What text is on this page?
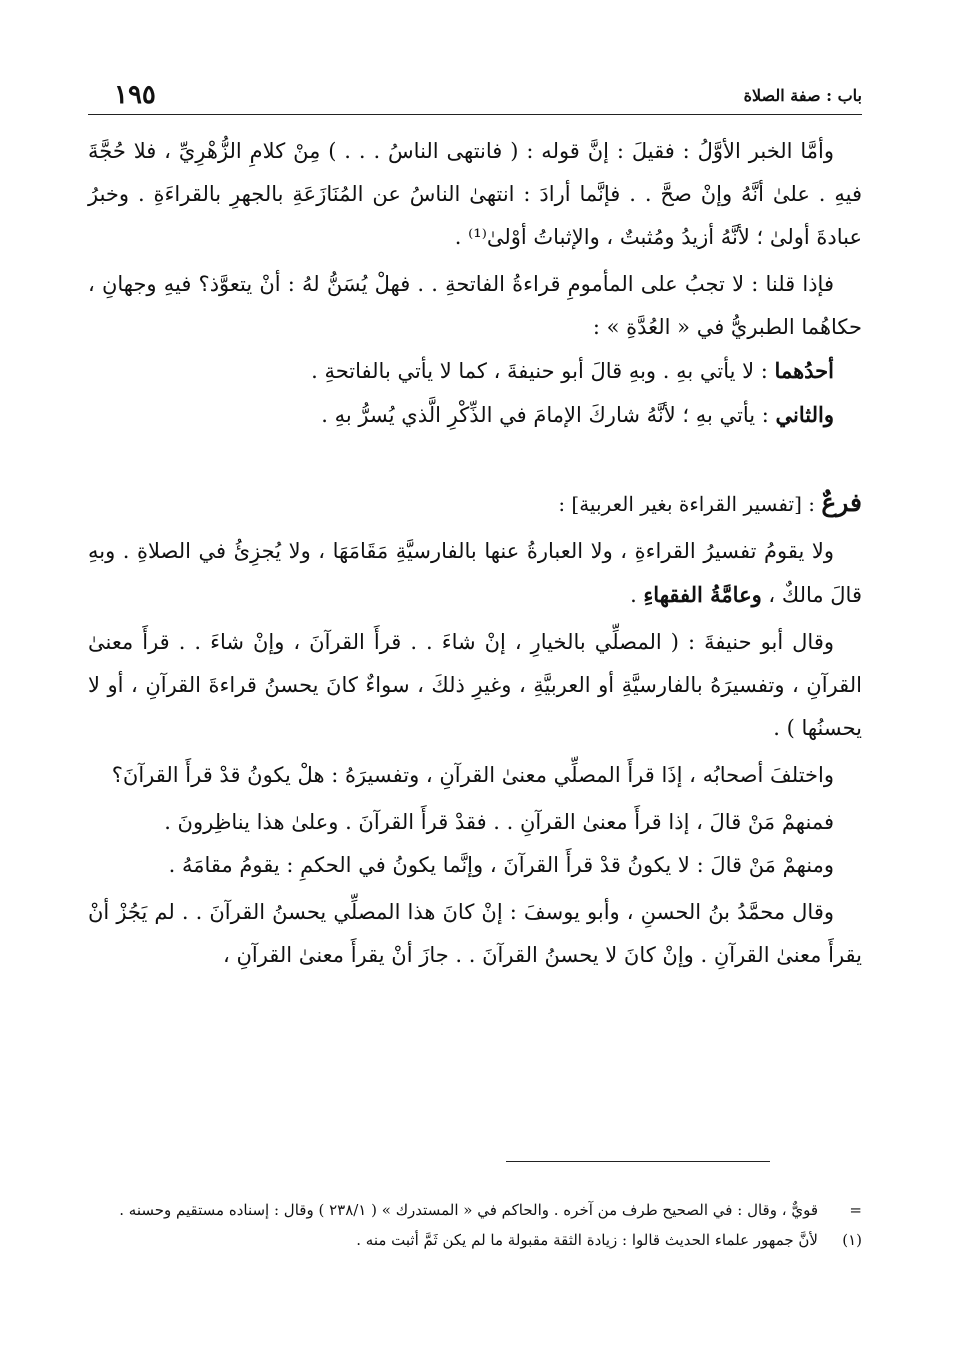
باب : صفة الصلاة
١٩٥

وأمَّا الخبر الأوَّلُ : فقيلَ : إنَّ قوله : ( فانتهى الناسُ . . . ) مِنْ كلامِ الزُّهْرِيِّ ، فلا حُجَّةَ فيهِ . علىٰ أنَّهُ وإنْ صحَّ . . فإنَّما أرادَ : انتهىٰ الناسُ عن المُنَازَعَةِ بالجهرِ بالقراءَةِ . وخبرُ عبادةَ أولىٰ ؛ لأنَّهُ أزيدُ ومُثبتٌ ، والإثباتُ أوْلىٰ⁽¹⁾ .

فإذا قلنا : لا تجبُ على المأمومِ قراءةُ الفاتحةِ . . فهلْ يُسَنُّ لهُ : أنْ يتعوَّذ؟ فيهِ وجهانِ ، حكاهُما الطبريُّ في « العُدَّةِ » :

أحدُهما : لا يأتي بهِ . وبهِ قالَ أبو حنيفةَ ، كما لا يأتي بالفاتحةِ .

والثاني : يأتي بهِ ؛ لأنَّهُ شاركَ الإمامَ في الذِّكْرِ الَّذي يُسرُّ بهِ .

فرعٌ : [تفسير القراءة بغير العربية] :

ولا يقومُ تفسيرُ القراءةِ ، ولا العبارةُ عنها بالفارسيَّةِ مَقَامَهَا ، ولا يُجزِئُ في الصلاةِ . وبهِ قالَ مالكٌ ، وعامَّةُ الفقهاءِ .

وقال أبو حنيفةَ : ( المصلِّي بالخيارِ ، إنْ شاءَ . . قرأَ القرآنَ ، وإنْ شاءَ . . قرأَ معنىٰ القرآنِ ، وتفسيرَهُ بالفارسيَّةِ أو العربيَّةِ ، وغيرِ ذلكَ ، سواءٌ كانَ يحسنُ قراءةَ القرآنِ ، أو لا يحسنُها ) .

واختلفَ أصحابُه ، إذَا قرأَ المصلِّي معنىٰ القرآنِ ، وتفسيرَهُ : هلْ يكونُ قدْ قرأَ القرآنَ؟

فمنهمْ مَنْ قالَ ، إذا قرأَ معنىٰ القرآنِ . . فقدْ قرأَ القرآنَ . وعلىٰ هذا يناظِرونَ .

ومنهمْ مَنْ قالَ : لا يكونُ قدْ قرأَ القرآنَ ، وإنَّما يكونُ في الحكمِ : يقومُ مقامَهُ .

وقال محمَّدُ بنُ الحسنِ ، وأبو يوسفَ : إنْ كانَ هذا المصلِّي يحسنُ القرآنَ . . لم يَجُزْ أنْ يقرأَ معنىٰ القرآنِ . وإنْ كانَ لا يحسنُ القرآنَ . . جازَ أنْ يقرأَ معنىٰ القرآنِ ،

=
قويٌّ ، وقال : في الصحيح طرف من آخره . والحاكم في « المستدرك » ( ٢٣٨/١ ) وقال : إسناده مستقيم وحسنه .

(١)
لأنَّ جمهور علماء الحديث قالوا : زيادة الثقة مقبولة ما لم يكن ثَمَّ أثبت منه .
